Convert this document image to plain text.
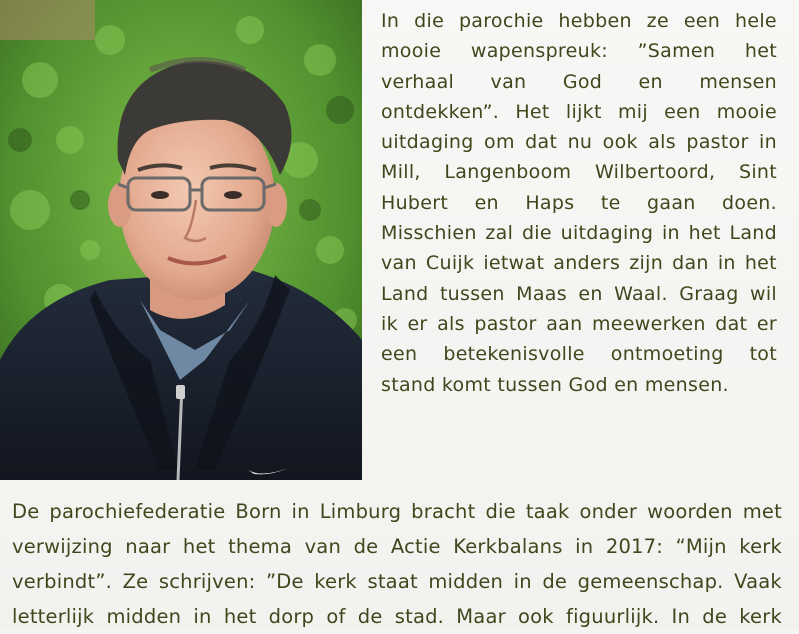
In die parochie hebben ze een hele
mooie wapenspreuk: ”Samen het
verhaal van God en mensen
ontdekken”. Het lijkt mij een mooie
uitdaging om dat nu ook als pastor in
Mill, Langenboom Wilbertoord, Sint
Hubert en Haps te gaan doen.
Misschien zal die uitdaging in het Land
van Cuijk ietwat anders zijn dan in het
Land tussen Maas en Waal. Graag wil
ik er als pastor aan meewerken dat er
een betekenisvolle ontmoeting tot
stand komt tussen God en mensen.
De parochiefederatie Born in Limburg bracht die taak onder woorden met
verwijzing naar het thema van de Actie Kerkbalans in 2017: “Mijn kerk
verbindt”. Ze schrijven: ”De kerk staat midden in de gemeenschap. Vaak
letterlijk midden in het dorp of de stad. Maar ook figuurlijk. In de kerk
